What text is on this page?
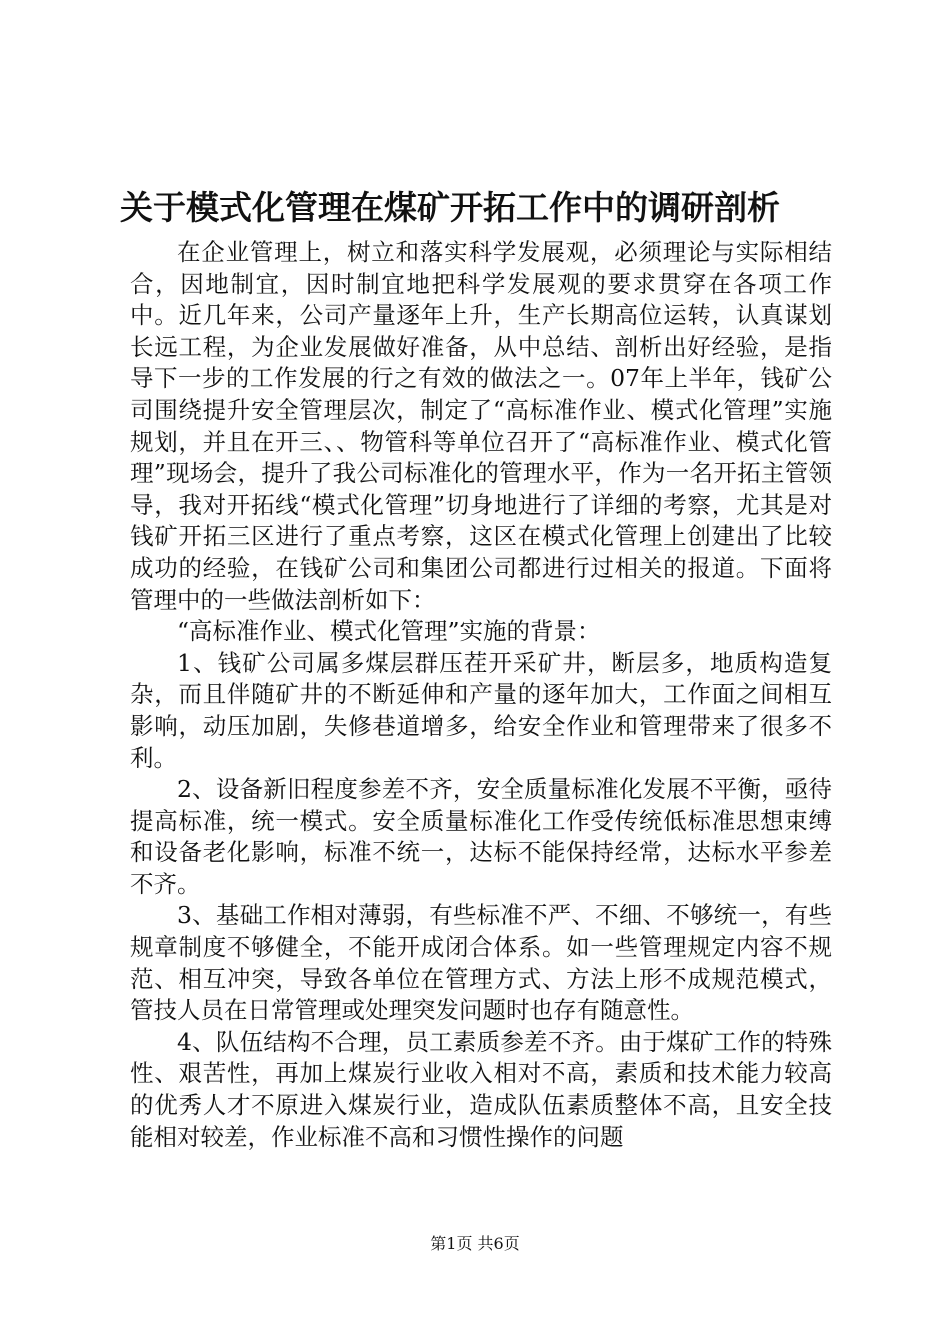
关于模式化管理在煤矿开拓工作中的调研剖析

在企业管理上，树立和落实科学发展观，必须理论与实际相结合，因地制宜，因时制宜地把科学发展观的要求贯穿在各项工作中。近几年来，公司产量逐年上升，生产长期高位运转，认真谋划长远工程，为企业发展做好准备，从中总结、剖析出好经验，是指导下一步的工作发展的行之有效的做法之一。07年上半年，钱矿公司围绕提升安全管理层次，制定了“高标准作业、模式化管理”实施规划，并且在开三、、物管科等单位召开了“高标准作业、模式化管理”现场会，提升了我公司标准化的管理水平，作为一名开拓主管领导，我对开拓线“模式化管理”切身地进行了详细的考察，尤其是对钱矿开拓三区进行了重点考察，这区在模式化管理上创建出了比较成功的经验，在钱矿公司和集团公司都进行过相关的报道。下面将管理中的一些做法剖析如下：

“高标准作业、模式化管理”实施的背景：

1、钱矿公司属多煤层群压茬开采矿井，断层多，地质构造复杂，而且伴随矿井的不断延伸和产量的逐年加大，工作面之间相互影响，动压加剧，失修巷道增多，给安全作业和管理带来了很多不利。

2、设备新旧程度参差不齐，安全质量标准化发展不平衡，亟待提高标准，统一模式。安全质量标准化工作受传统低标准思想束缚和设备老化影响，标准不统一，达标不能保持经常，达标水平参差不齐。

3、基础工作相对薄弱，有些标准不严、不细、不够统一，有些规章制度不够健全，不能开成闭合体系。如一些管理规定内容不规范、相互冲突，导致各单位在管理方式、方法上形不成规范模式，管技人员在日常管理或处理突发问题时也存有随意性。

4、队伍结构不合理，员工素质参差不齐。由于煤矿工作的特殊性、艰苦性，再加上煤炭行业收入相对不高，素质和技术能力较高的优秀人才不原进入煤炭行业，造成队伍素质整体不高，且安全技能相对较差，作业标准不高和习惯性操作的问题

第1页 共6页
